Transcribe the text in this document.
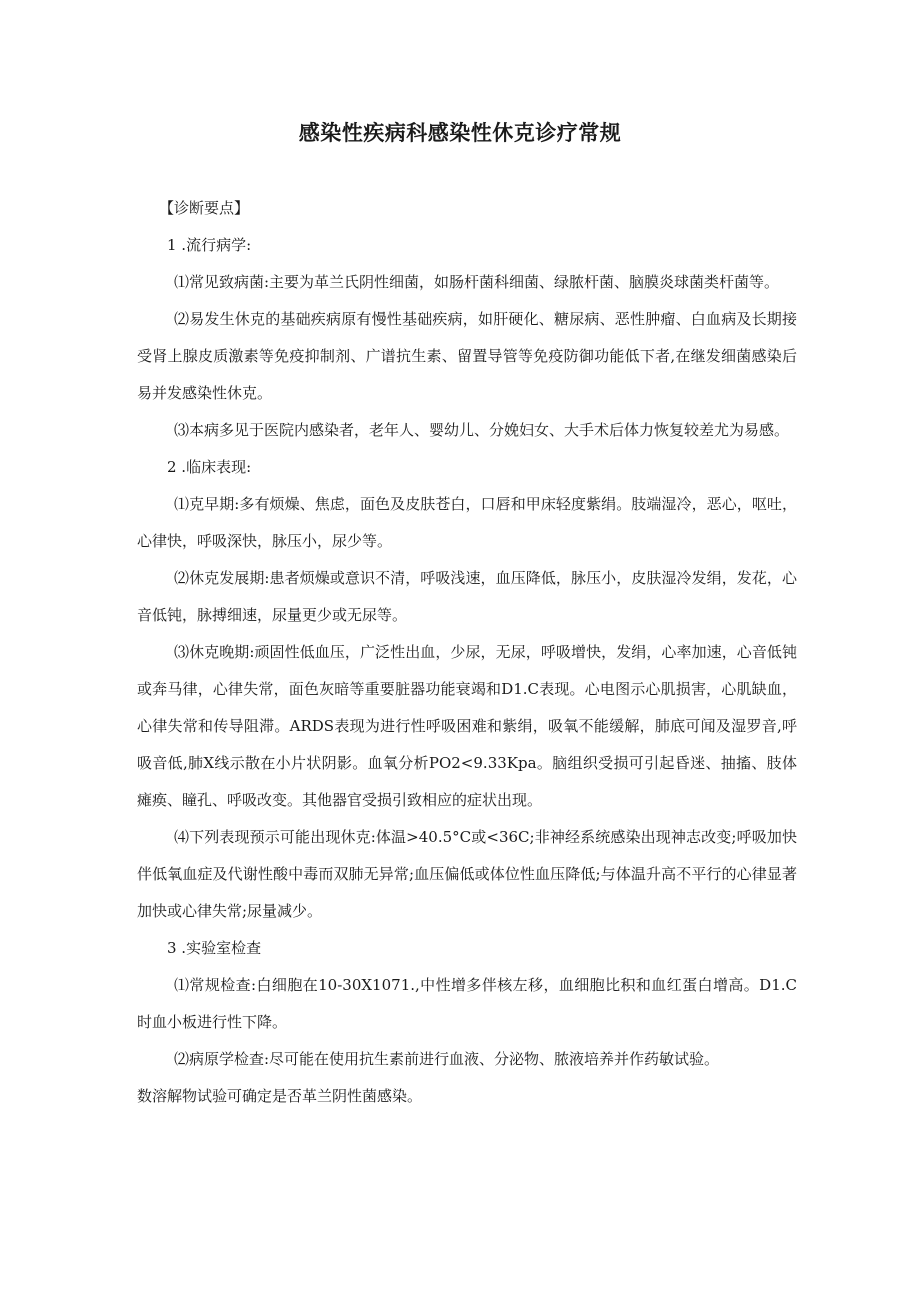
感染性疾病科感染性休克诊疗常规

【诊断要点】

1 .流行病学:

⑴常见致病菌:主要为革兰氏阴性细菌，如肠杆菌科细菌、绿脓杆菌、脑膜炎球菌类杆菌等。

⑵易发生休克的基础疾病原有慢性基础疾病，如肝硬化、糖尿病、恶性肿瘤、白血病及长期接受肾上腺皮质激素等免疫抑制剂、广谱抗生素、留置导管等免疫防御功能低下者,在继发细菌感染后易并发感染性休克。

⑶本病多见于医院内感染者，老年人、婴幼儿、分娩妇女、大手术后体力恢复较差尤为易感。

2 .临床表现:

⑴克早期:多有烦燥、焦虑，面色及皮肤苍白，口唇和甲床轻度紫绢。肢端湿冷，恶心，呕吐，心律快，呼吸深快，脉压小，尿少等。

⑵休克发展期:患者烦燥或意识不清，呼吸浅速，血压降低，脉压小，皮肤湿冷发绢，发花，心音低钝，脉搏细速，尿量更少或无尿等。

⑶休克晚期:顽固性低血压，广泛性出血，少尿，无尿，呼吸增快，发绢，心率加速，心音低钝或奔马律，心律失常，面色灰暗等重要脏器功能衰竭和D1.C表现。心电图示心肌损害，心肌缺血，心律失常和传导阻滞。ARDS表现为进行性呼吸困难和紫绢，吸氧不能缓解，肺底可闻及湿罗音,呼吸音低,肺X线示散在小片状阴影。血氧分析PO2<9.33Kpa。脑组织受损可引起昏迷、抽搐、肢体瘫痪、瞳孔、呼吸改变。其他器官受损引致相应的症状出现。

⑷下列表现预示可能出现休克:体温>40.5°C或<36C;非神经系统感染出现神志改变;呼吸加快伴低氧血症及代谢性酸中毒而双肺无异常;血压偏低或体位性血压降低;与体温升高不平行的心律显著加快或心律失常;尿量减少。

3 .实验室检查

⑴常规检查:白细胞在10-30X1071.,中性增多伴核左移，血细胞比积和血红蛋白增高。D1.C时血小板进行性下降。

⑵病原学检查:尽可能在使用抗生素前进行血液、分泌物、脓液培养并作药敏试验。

数溶解物试验可确定是否革兰阴性菌感染。
